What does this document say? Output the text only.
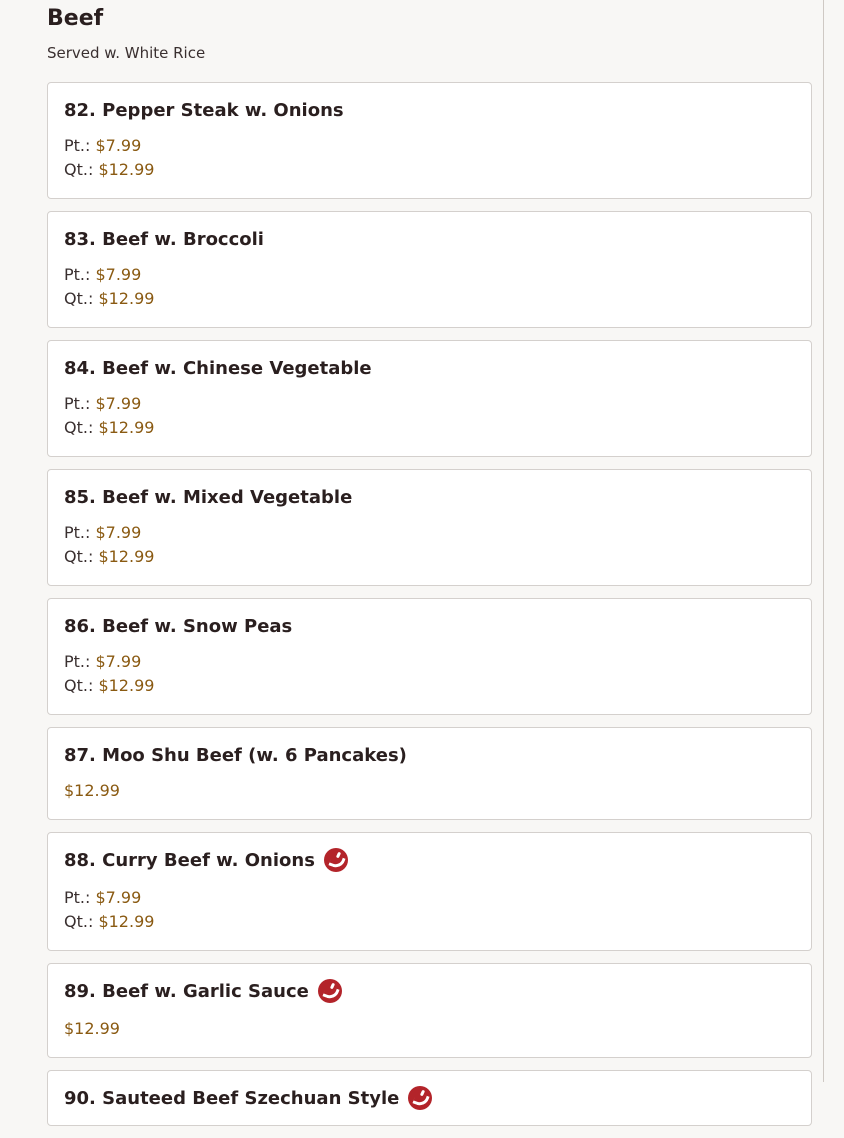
Beef
Served w. White Rice
82. Pepper Steak w. Onions
Pt.: $7.99
Qt.: $12.99
83. Beef w. Broccoli
Pt.: $7.99
Qt.: $12.99
84. Beef w. Chinese Vegetable
Pt.: $7.99
Qt.: $12.99
85. Beef w. Mixed Vegetable
Pt.: $7.99
Qt.: $12.99
86. Beef w. Snow Peas
Pt.: $7.99
Qt.: $12.99
87. Moo Shu Beef (w. 6 Pancakes)
$12.99
88. Curry Beef w. Onions
Pt.: $7.99
Qt.: $12.99
89. Beef w. Garlic Sauce
$12.99
90. Sauteed Beef Szechuan Style
